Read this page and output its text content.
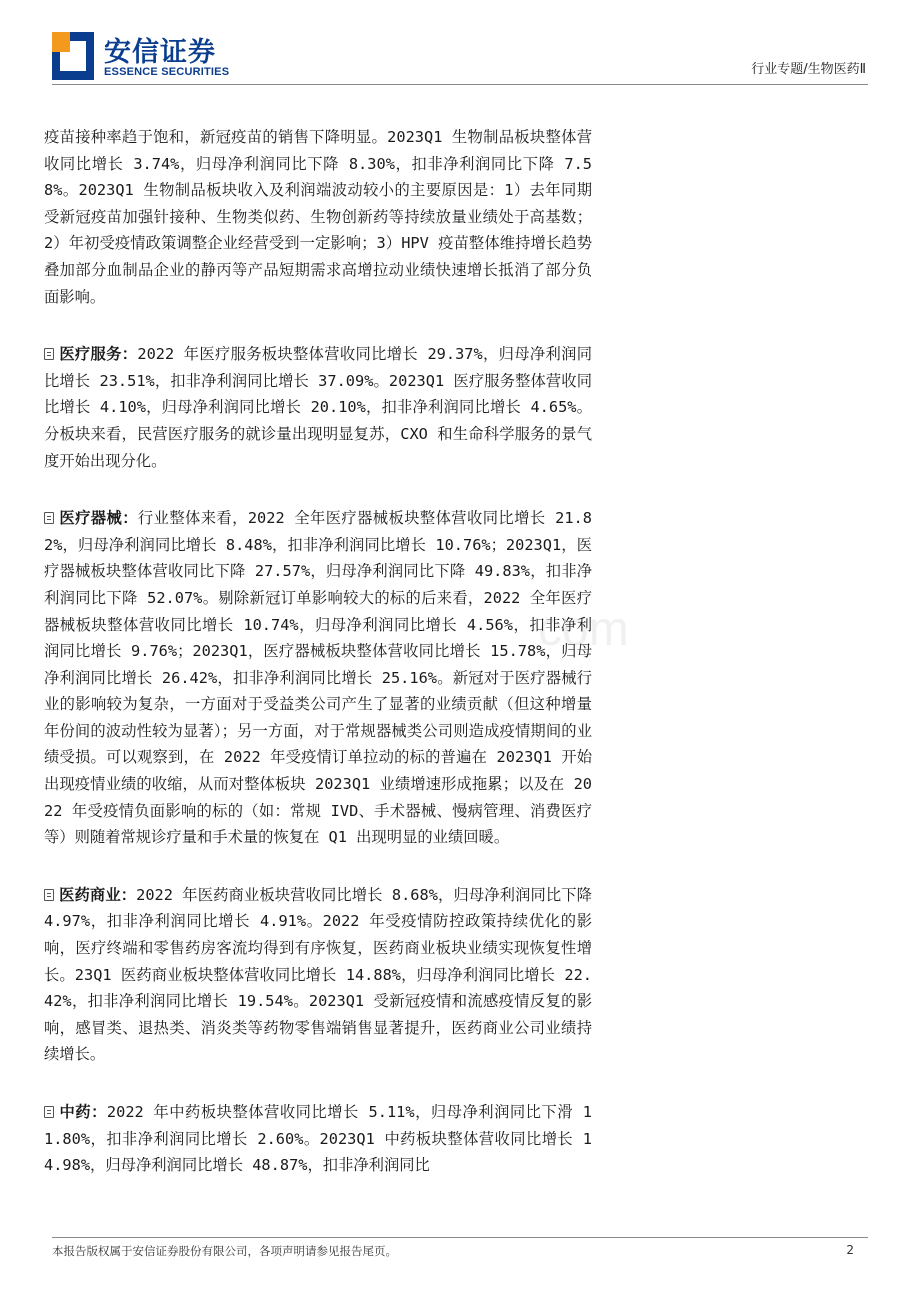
安信证券
ESSENCE SECURITIES	行业专题/生物医药Ⅱ
com

疫苗接种率趋于饱和，新冠疫苗的销售下降明显。2023Q1 生物制品板块整体营收同比增长 3.74%，归母净利润同比下降 8.30%，扣非净利润同比下降 7.58%。2023Q1 生物制品板块收入及利润端波动较小的主要原因是：1）去年同期受新冠疫苗加强针接种、生物类似药、生物创新药等持续放量业绩处于高基数；2）年初受疫情政策调整企业经营受到一定影响；3）HPV 疫苗整体维持增长趋势叠加部分血制品企业的静丙等产品短期需求高增拉动业绩快速增长抵消了部分负面影响。

医疗服务：2022 年医疗服务板块整体营收同比增长 29.37%，归母净利润同比增长 23.51%，扣非净利润同比增长 37.09%。2023Q1 医疗服务整体营收同比增长 4.10%，归母净利润同比增长 20.10%，扣非净利润同比增长 4.65%。分板块来看，民营医疗服务的就诊量出现明显复苏，CXO 和生命科学服务的景气度开始出现分化。

医疗器械：行业整体来看，2022 全年医疗器械板块整体营收同比增长 21.82%，归母净利润同比增长 8.48%，扣非净利润同比增长 10.76%；2023Q1，医疗器械板块整体营收同比下降 27.57%，归母净利润同比下降 49.83%，扣非净利润同比下降 52.07%。剔除新冠订单影响较大的标的后来看，2022 全年医疗器械板块整体营收同比增长 10.74%，归母净利润同比增长 4.56%，扣非净利润同比增长 9.76%；2023Q1，医疗器械板块整体营收同比增长 15.78%，归母净利润同比增长 26.42%，扣非净利润同比增长 25.16%。新冠对于医疗器械行业的影响较为复杂，一方面对于受益类公司产生了显著的业绩贡献（但这种增量年份间的波动性较为显著）；另一方面，对于常规器械类公司则造成疫情期间的业绩受损。可以观察到，在 2022 年受疫情订单拉动的标的普遍在 2023Q1 开始出现疫情业绩的收缩，从而对整体板块 2023Q1 业绩增速形成拖累；以及在 2022 年受疫情负面影响的标的（如：常规 IVD、手术器械、慢病管理、消费医疗等）则随着常规诊疗量和手术量的恢复在 Q1 出现明显的业绩回暖。

医药商业：2022 年医药商业板块营收同比增长 8.68%，归母净利润同比下降 4.97%，扣非净利润同比增长 4.91%。2022 年受疫情防控政策持续优化的影响，医疗终端和零售药房客流均得到有序恢复，医药商业板块业绩实现恢复性增长。23Q1 医药商业板块整体营收同比增长 14.88%，归母净利润同比增长 22.42%，扣非净利润同比增长 19.54%。2023Q1 受新冠疫情和流感疫情反复的影响，感冒类、退热类、消炎类等药物零售端销售显著提升，医药商业公司业绩持续增长。

中药：2022 年中药板块整体营收同比增长 5.11%，归母净利润同比下滑 11.80%，扣非净利润同比增长 2.60%。2023Q1 中药板块整体营收同比增长 14.98%，归母净利润同比增长 48.87%，扣非净利润同比

本报告版权属于安信证券股份有限公司，各项声明请参见报告尾页。	2
